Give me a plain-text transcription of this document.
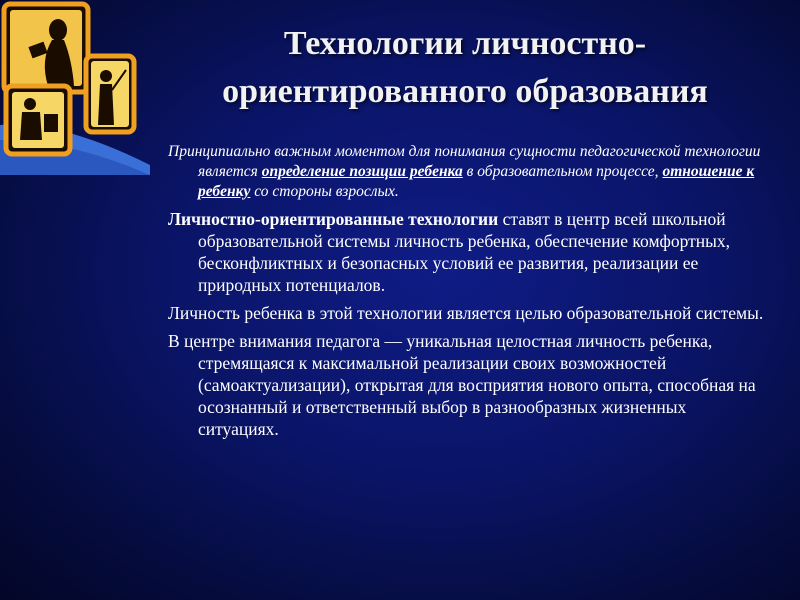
Технологии личностно-
ориентированного образования

Принципиально важным моментом для понимания сущности педагогической технологии является определение позиции ребенка в образовательном процессе, отношение к ребенку со стороны взрослых.

Личностно-ориентированные технологии ставят в центр всей школьной образовательной системы личность ребенка, обеспечение комфортных, бесконфликтных и безопасных условий ее развития, реализации ее природных потенциалов.

Личность ребенка в этой технологии является целью образовательной системы.

В центре внимания педагога — уникальная целостная личность ребенка, стремящаяся к максимальной реализации своих возможностей (самоактуализации), открытая для восприятия нового опыта, способная на осознанный и ответственный выбор в разнообразных жизненных ситуациях.
